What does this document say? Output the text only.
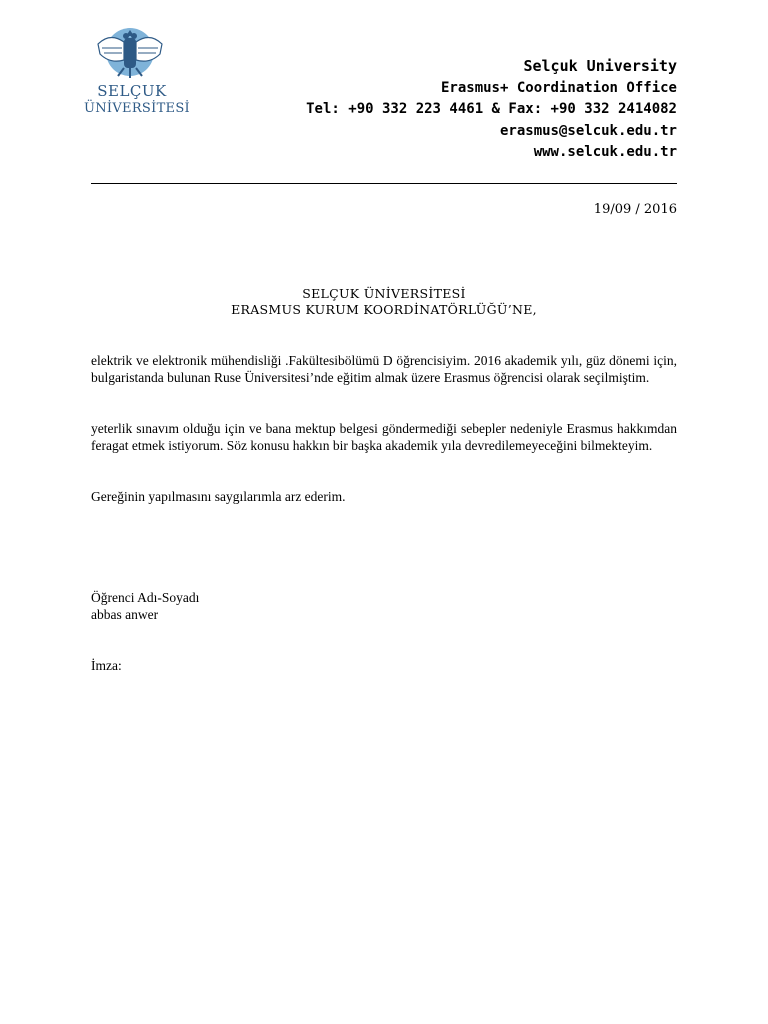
SELÇUK
ÜNİVERSİTESİ
Selçuk University
Erasmus+ Coordination Office
Tel: +90 332 223 4461 & Fax: +90 332 2414082
erasmus@selcuk.edu.tr
www.selcuk.edu.tr
19/09 / 2016
SELÇUK ÜNİVERSİTESİ
ERASMUS KURUM KOORDİNATÖRLÜĞÜ’NE,
elektrik ve elektronik mühendisliği .Fakültesibölümü D öğrencisiyim. 2016 akademik yılı, güz dönemi için, bulgaristanda bulunan Ruse Üniversitesi’nde eğitim almak üzere Erasmus öğrencisi olarak seçilmiştim.
yeterlik sınavım olduğu için ve bana mektup belgesi göndermediği sebepler nedeniyle Erasmus hakkımdan feragat etmek istiyorum. Söz konusu hakkın bir başka akademik yıla devredilemeyeceğini bilmekteyim.
Gereğinin yapılmasını saygılarımla arz ederim.
Öğrenci Adı-Soyadı
abbas anwer
İmza:
